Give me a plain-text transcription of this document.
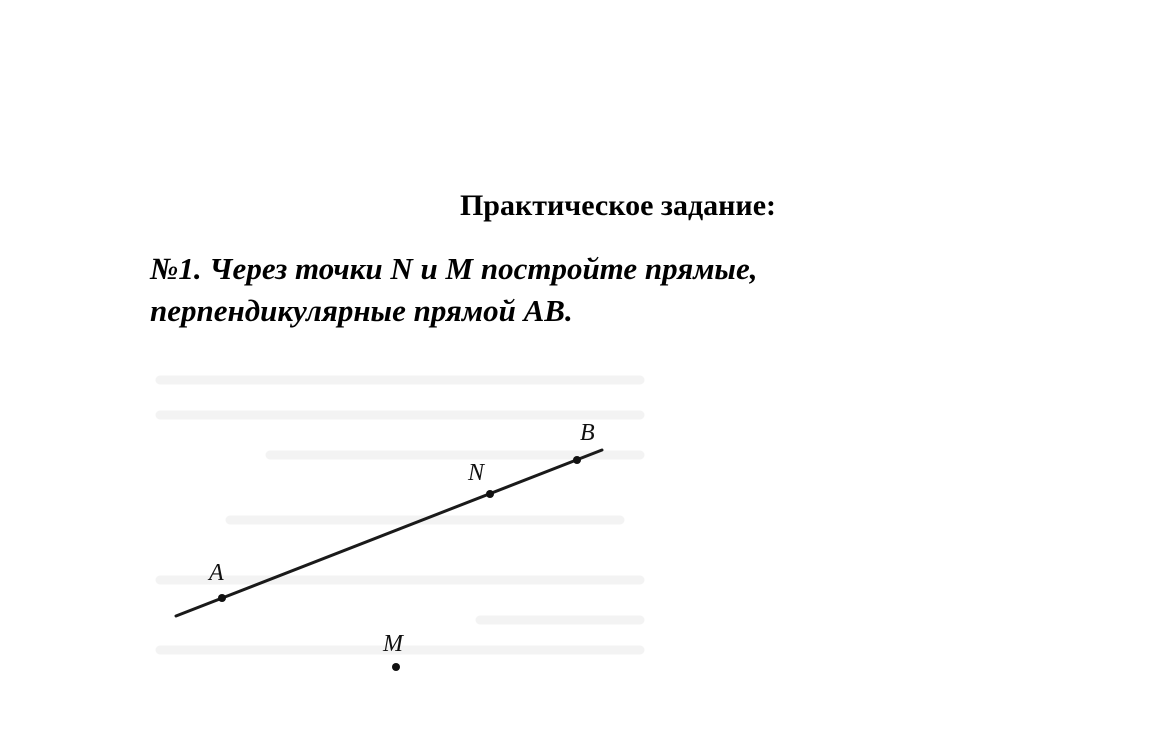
Практическое задание:
№1. Через точки N и M постройте прямые,
перпендикулярные прямой AB.
A
N
B
M
